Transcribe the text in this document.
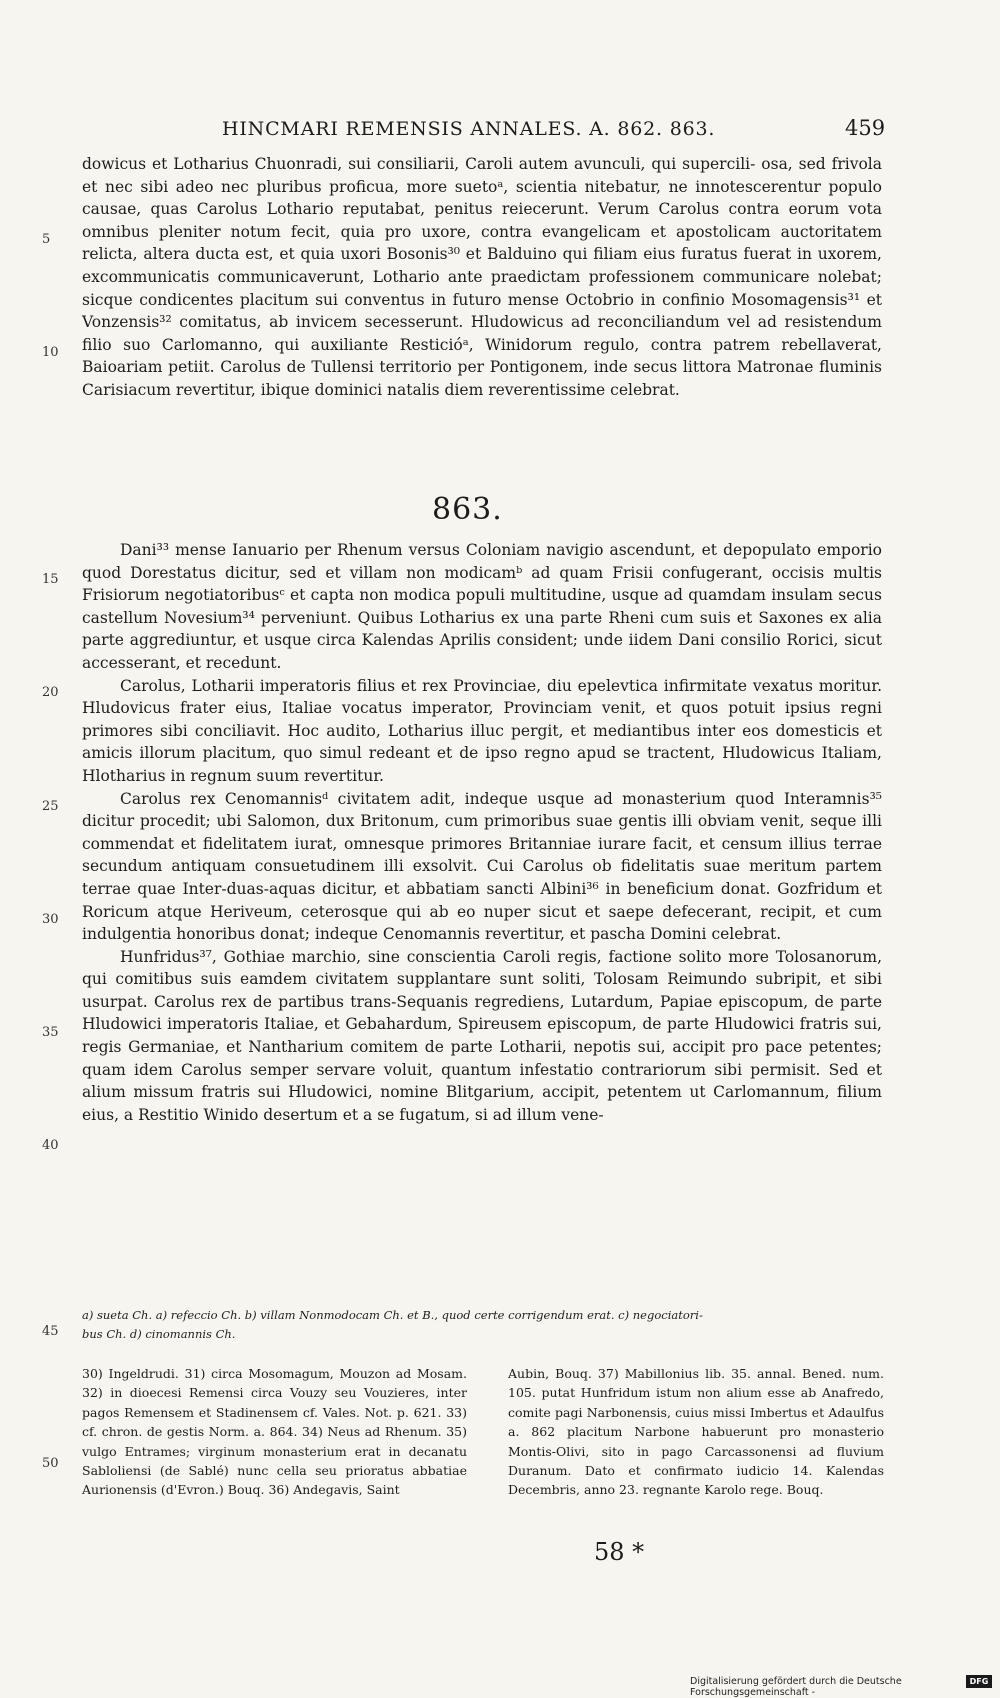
HINCMARI REMENSIS ANNALES. A. 862. 863.	459

dowicus et Lotharius Chuonradi, sui consiliarii, Caroli autem avunculi, qui supercili- osa, sed frivola et nec sibi adeo nec pluribus proficua, more suetoᵃ, scientia nitebatur, ne innotescerentur populo causae, quas Carolus Lothario reputabat, penitus reiecerunt. Verum Carolus contra eorum vota omnibus pleniter notum fecit, quia pro uxore, contra evangelicam et apostolicam auctoritatem relicta, altera ducta est, et quia uxori Bosonis³⁰ et Balduino qui filiam eius furatus fuerat in uxorem, excommunicatis communicaverunt, Lothario ante praedictam professionem communicare nolebat; sicque condicentes placitum sui conventus in futuro mense Octobrio in confinio Mosomagensis³¹ et Vonzensis³² comitatus, ab invicem secesserunt. Hludowicus ad reconciliandum vel ad resistendum filio suo Carlomanno, qui auxiliante Resticióᵃ, Winidorum regulo, contra patrem rebellaverat, Baioariam petiit. Carolus de Tullensi territorio per Pontigonem, inde secus littora Matronae fluminis Carisiacum revertitur, ibique dominici natalis diem reverentissime celebrat.

863.

Dani³³ mense Ianuario per Rhenum versus Coloniam navigio ascendunt, et depopulato emporio quod Dorestatus dicitur, sed et villam non modicamᵇ ad quam Frisii confugerant, occisis multis Frisiorum negotiatoribusᶜ et capta non modica populi multitudine, usque ad quamdam insulam secus castellum Novesium³⁴ perveniunt. Quibus Lotharius ex una parte Rheni cum suis et Saxones ex alia parte aggrediuntur, et usque circa Kalendas Aprilis consident; unde iidem Dani consilio Rorici, sicut accesserant, et recedunt.

Carolus, Lotharii imperatoris filius et rex Provinciae, diu epelevtica infirmitate vexatus moritur. Hludovicus frater eius, Italiae vocatus imperator, Provinciam venit, et quos potuit ipsius regni primores sibi conciliavit. Hoc audito, Lotharius illuc pergit, et mediantibus inter eos domesticis et amicis illorum placitum, quo simul redeant et de ipso regno apud se tractent, Hludowicus Italiam, Hlotharius in regnum suum revertitur.

Carolus rex Cenomannisᵈ civitatem adit, indeque usque ad monasterium quod Interamnis³⁵ dicitur procedit; ubi Salomon, dux Britonum, cum primoribus suae gentis illi obviam venit, seque illi commendat et fidelitatem iurat, omnesque primores Britanniae iurare facit, et censum illius terrae secundum antiquam consuetudinem illi exsolvit. Cui Carolus ob fidelitatis suae meritum partem terrae quae Inter-duas-aquas dicitur, et abbatiam sancti Albini³⁶ in beneficium donat. Gozfridum et Roricum atque Heriveum, ceterosque qui ab eo nuper sicut et saepe defecerant, recipit, et cum indulgentia honoribus donat; indeque Cenomannis revertitur, et pascha Domini celebrat.

Hunfridus³⁷, Gothiae marchio, sine conscientia Caroli regis, factione solito more Tolosanorum, qui comitibus suis eamdem civitatem supplantare sunt soliti, Tolosam Reimundo subripit, et sibi usurpat. Carolus rex de partibus trans-Sequanis regrediens, Lutardum, Papiae episcopum, de parte Hludowici imperatoris Italiae, et Gebahardum, Spireusem episcopum, de parte Hludowici fratris sui, regis Germaniae, et Nantharium comitem de parte Lotharii, nepotis sui, accipit pro pace petentes; quam idem Carolus semper servare voluit, quantum infestatio contrariorum sibi permisit. Sed et alium missum fratris sui Hludowici, nomine Blitgarium, accipit, petentem ut Carlomannum, filium eius, a Restitio Winido desertum et a se fugatum, si ad illum vene-

5
10
15
20
25
30
35
40
45
50

a) sueta Ch. a) refeccio Ch. b) villam Nonmodocam Ch. et B., quod certe corrigendum erat. c) negociatori-

bus Ch. d) cinomannis Ch.

30) Ingeldrudi. 31) circa Mosomagum, Mouzon ad Mosam. 32) in dioecesi Remensi circa Vouzy seu Vouzieres, inter pagos Remensem et Stadinensem cf. Vales. Not. p. 621. 33) cf. chron. de gestis Norm. a. 864. 34) Neus ad Rhenum. 35) vulgo Entrames; virginum monasterium erat in decanatu Sabloliensi (de Sablé) nunc cella seu prioratus abbatiae Aurionensis (d'Evron.) Bouq. 36) Andegavis, Saint

Aubin, Bouq. 37) Mabillonius lib. 35. annal. Bened. num. 105. putat Hunfridum istum non alium esse ab Anafredo, comite pagi Narbonensis, cuius missi Imbertus et Adaulfus a. 862 placitum Narbone habuerunt pro monasterio Montis-Olivi, sito in pago Carcassonensi ad fluvium Duranum. Dato et confirmato iudicio 14. Kalendas Decembris, anno 23. regnante Karolo rege. Bouq.

58 *
Digitalisierung gefördert durch die Deutsche Forschungsgemeinschaft -
DFG
